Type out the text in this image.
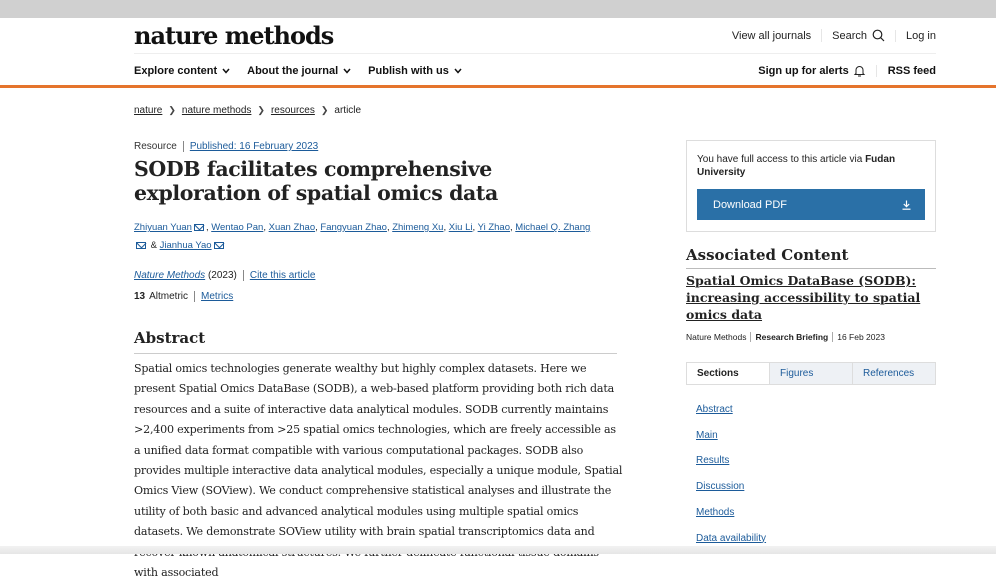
nature methods	View all journals	Search	Log in
Explore content	About the journal	Publish with us	Sign up for alerts	RSS feed
nature ❯ nature methods ❯ resources ❯ article
Resource	Published: 16 February 2023
SODB facilitates comprehensive exploration of spatial omics data
Zhiyuan Yuan , Wentao Pan, Xuan Zhao, Fangyuan Zhao, Zhimeng Xu, Xiu Li, Yi Zhao, Michael Q. Zhang
& Jianhua Yao
Nature Methods
(2023)	Cite this article
13 Altmetric	Metrics
Abstract

Spatial omics technologies generate wealthy but highly complex datasets. Here we present Spatial Omics DataBase (SODB), a web-based platform providing both rich data resources and a suite of interactive data analytical modules. SODB currently maintains >2,400 experiments from >25 spatial omics technologies, which are freely accessible as a unified data format compatible with various computational packages. SODB also provides multiple interactive data analytical modules, especially a unique module, Spatial Omics View (SOView). We conduct comprehensive statistical analyses and illustrate the utility of both basic and advanced analytical modules using multiple spatial omics datasets. We demonstrate SOView utility with brain spatial transcriptomics data and with associated

You have full access to this article via Fudan University
Download PDF
Associated Content
Spatial Omics DataBase (SODB): increasing accessibility to spatial omics data
Nature Methods	Research Briefing	16 Feb 2023
Sections	Figures	References
Abstract
Main
Results
Discussion
Methods
Data availability
